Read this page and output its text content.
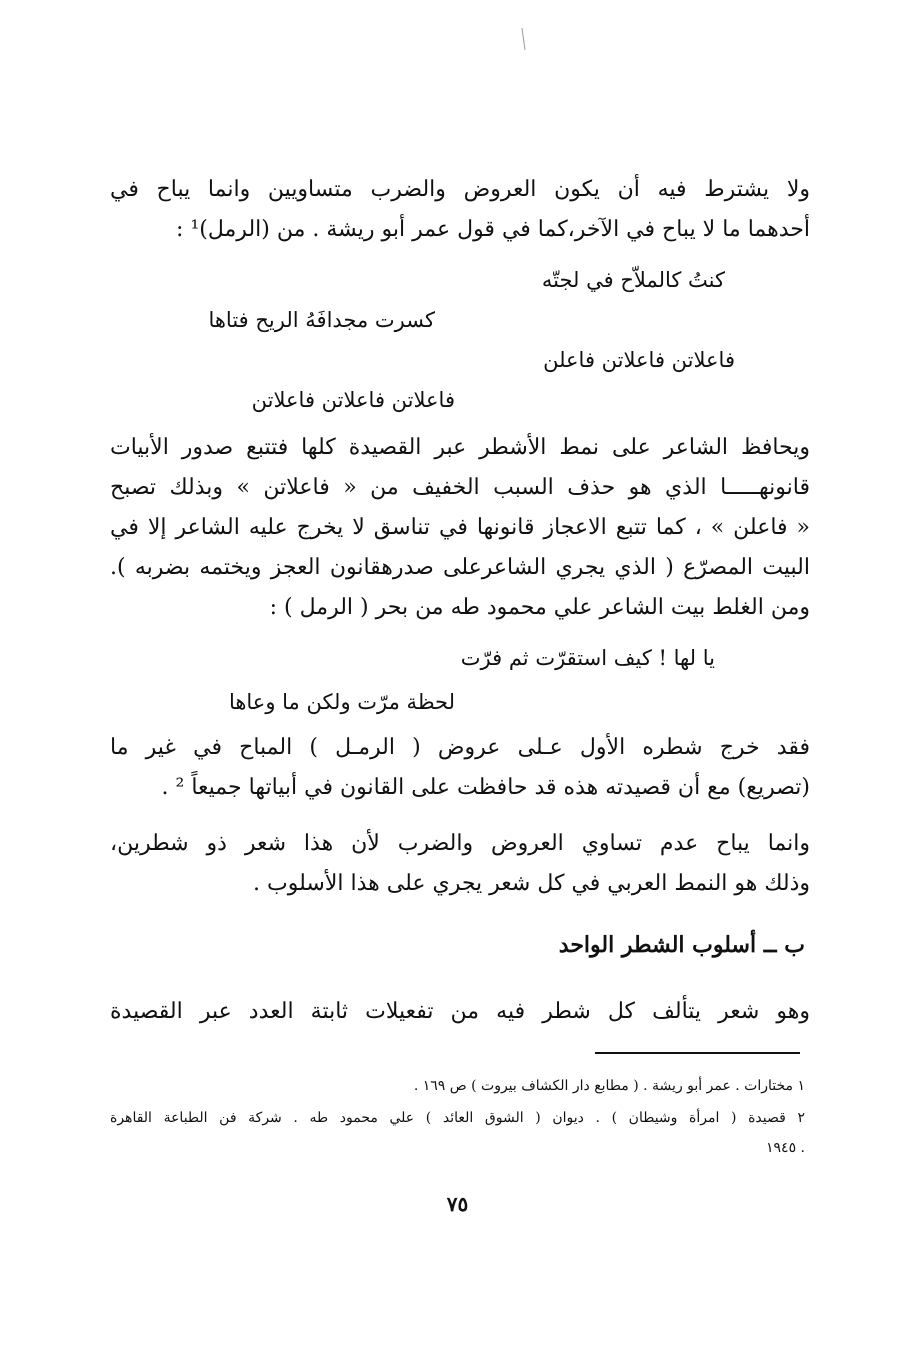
ولا يشترط فيه أن يكون العروض والضرب متساويين وانما يباح في
أحدهما ما لا يباح في الآخر،كما في قول عمر أبو ريشة . من (الرمل)¹ :
كنتُ كالملاّح في لجتّه
كسرت مجدافَهُ الريح فتاها
فاعلاتن فاعلاتن فاعلن
فاعلاتن فاعلاتن فاعلاتن
ويحافظ الشاعر على نمط الأشطر عبر القصيدة كلها فتتبع صدور الأبيات
قانونهـــــا الذي هو حذف السبب الخفيف من « فاعلاتن » وبذلك تصبح
« فاعلن » ، كما تتبع الاعجاز قانونها في تناسق لا يخرج عليه الشاعر إلا في
البيت المصرّع ( الذي يجري الشاعرعلى صدرهقانون العجز ويختمه بضربه ).
ومن الغلط بيت الشاعر علي محمود طه من بحر ( الرمل ) :
يا لها ! كيف استقرّت ثم فرّت
لحظة مرّت ولكن ما وعاها
فقد خرج شطره الأول عـلى عروض ( الرمـل ) المباح في غير ما
(تصريع) مع أن قصيدته هذه قد حافظت على القانون في أبياتها جميعاً ² .
وانما يباح عدم تساوي العروض والضرب لأن هذا شعر ذو شطرين،
وذلك هو النمط العربي في كل شعر يجري على هذا الأسلوب .
ب ــ أسلوب الشطر الواحد
وهو شعر يتألف كل شطر فيه من تفعيلات ثابتة العدد عبر القصيدة
١ مختارات . عمر أبو ريشة . ( مطابع دار الكشاف بيروت ) ص ١٦٩ .
٢ قصيدة ( امرأة وشيطان ) . ديوان ( الشوق العائد ) علي محمود طه . شركة فن الطباعة القاهرة
. ١٩٤٥
٧٥
